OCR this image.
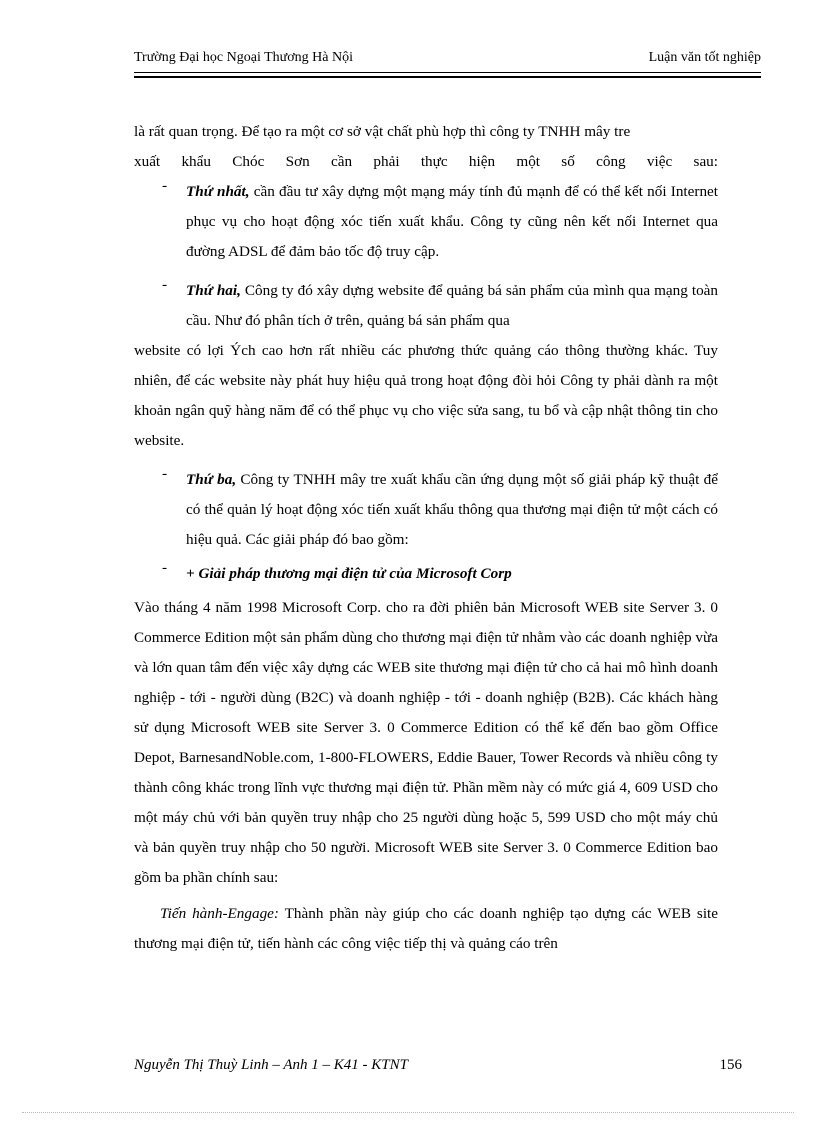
Trường Đại học Ngoại Thương Hà Nội	Luận văn tốt nghiệp

là rất quan trọng. Để tạo ra một cơ sở vật chất phù hợp thì công ty TNHH mây tre
xuất khẩu Chóc Sơn cần phải thực hiện một số công việc sau:

-	Thứ nhất, cần đầu tư xây dựng một mạng máy tính đủ mạnh để có thể kết nối Internet phục vụ cho hoạt động xóc tiến xuất khẩu. Công ty cũng nên kết nối Internet qua đường ADSL để đảm bảo tốc độ truy cập.

-	Thứ hai, Công ty đó xây dựng website để quảng bá sản phẩm của mình qua mạng toàn cầu. Như đó phân tích ở trên, quảng bá sản phẩm qua

website có lợi Ých cao hơn rất nhiều các phương thức quảng cáo thông thường khác. Tuy nhiên, để các website này phát huy hiệu quả trong hoạt động đòi hỏi Công ty phải dành ra một khoản ngân quỹ hàng năm để có thể phục vụ cho việc sửa sang, tu bổ và cập nhật thông tin cho website.

-	Thứ ba, Công ty TNHH mây tre xuất khẩu cần ứng dụng một số giải pháp kỹ thuật để có thể quản lý hoạt động xóc tiến xuất khẩu thông qua thương mại điện tử một cách có hiệu quả. Các giải pháp đó bao gồm:

-	+ Giải pháp thương mại điện tử của Microsoft Corp

Vào tháng 4 năm 1998 Microsoft Corp. cho ra đời phiên bản Microsoft WEB site Server 3. 0 Commerce Edition một sản phẩm dùng cho thương mại điện tử nhằm vào các doanh nghiệp vừa và lớn quan tâm đến việc xây dựng các WEB site thương mại điện tử cho cả hai mô hình doanh nghiệp - tới - người dùng (B2C) và doanh nghiệp - tới - doanh nghiệp (B2B). Các khách hàng sử dụng Microsoft WEB site Server 3. 0 Commerce Edition có thể kể đến bao gồm Office Depot, BarnesandNoble.com, 1-800-FLOWERS, Eddie Bauer, Tower Records và nhiều công ty thành công khác trong lĩnh vực thương mại điện tử. Phần mềm này có mức giá 4, 609 USD cho một máy chủ với bản quyền truy nhập cho 25 người dùng hoặc 5, 599 USD cho một máy chủ và bản quyền truy nhập cho 50 người. Microsoft WEB site Server 3. 0 Commerce Edition bao gồm ba phần chính sau:

Tiến hành-Engage: Thành phần này giúp cho các doanh nghiệp tạo dựng các WEB site thương mại điện tử, tiến hành các công việc tiếp thị và quảng cáo trên

Nguyễn Thị Thuỳ Linh – Anh 1 – K41 - KTNT	156
